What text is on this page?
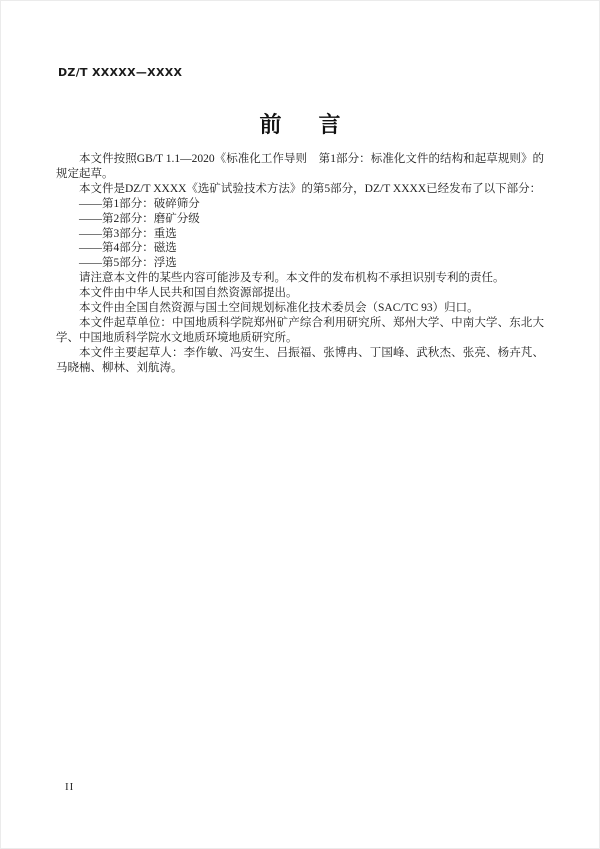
DZ/T XXXXX—XXXX
前 言

本文件按照GB/T 1.1—2020《标准化工作导则　第1部分：标准化文件的结构和起草规则》的规定起草。

本文件是DZ/T XXXX《选矿试验技术方法》的第5部分，DZ/T XXXX已经发布了以下部分：

——第1部分：破碎筛分

——第2部分：磨矿分级

——第3部分：重选

——第4部分：磁选

——第5部分：浮选

请注意本文件的某些内容可能涉及专利。本文件的发布机构不承担识别专利的责任。

本文件由中华人民共和国自然资源部提出。

本文件由全国自然资源与国土空间规划标准化技术委员会（SAC/TC 93）归口。

本文件起草单位：中国地质科学院郑州矿产综合利用研究所、郑州大学、中南大学、东北大学、中国地质科学院水文地质环境地质研究所。

本文件主要起草人：李作敏、冯安生、吕振福、张博冉、丁国峰、武秋杰、张亮、杨卉芃、马晓楠、柳林、刘航涛。

II
